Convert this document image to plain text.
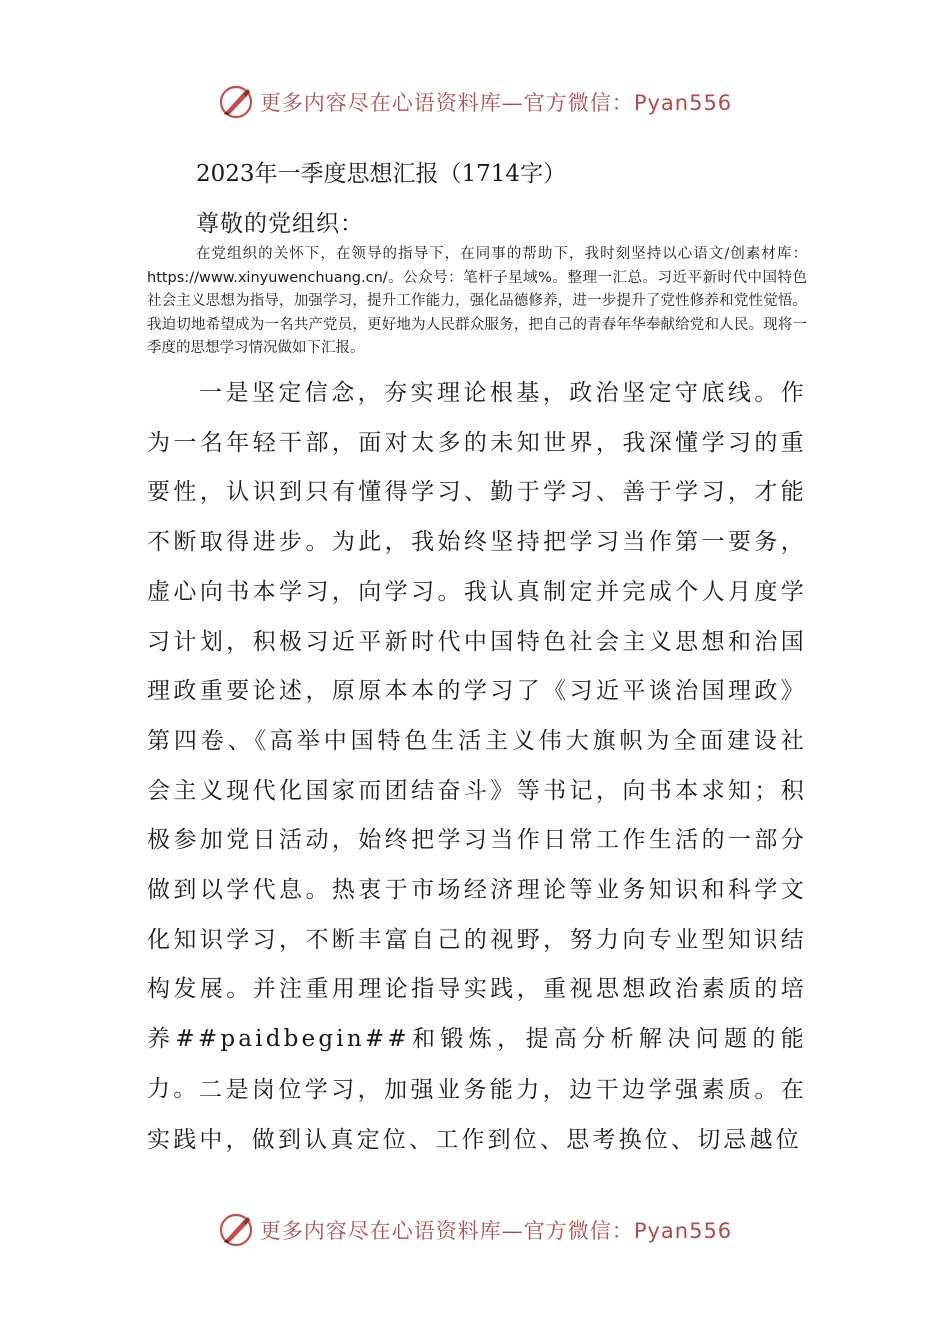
更多内容尽在心语资料库—官方微信：Pyan556
2023年一季度思想汇报（1714字）
尊敬的党组织：

在党组织的关怀下，在领导的指导下，在同事的帮助下，我时刻坚持以心语文/创素材库：https://www.xinyuwenchuang.cn/。公众号：笔杆子星域%。整理一汇总。习近平新时代中国特色社会主义思想为指导，加强学习，提升工作能力，强化品德修养，进一步提升了党性修养和党性觉悟。我迫切地希望成为一名共产党员，更好地为人民群众服务，把自己的青春年华奉献给党和人民。现将一季度的思想学习情况做如下汇报。

一是坚定信念，夯实理论根基，政治坚定守底线。作为一名年轻干部，面对太多的未知世界，我深懂学习的重要性，认识到只有懂得学习、勤于学习、善于学习，才能不断取得进步。为此，我始终坚持把学习当作第一要务，虚心向书本学习，向学习。我认真制定并完成个人月度学习计划，积极习近平新时代中国特色社会主义思想和治国理政重要论述，原原本本的学习了《习近平谈治国理政》第四卷、《高举中国特色生活主义伟大旗帜为全面建设社会主义现代化国家而团结奋斗》等书记，向书本求知；积极参加党日活动，始终把学习当作日常工作生活的一部分做到以学代息。热衷于市场经济理论等业务知识和科学文化知识学习，不断丰富自己的视野，努力向专业型知识结构发展。并注重用理论指导实践，重视思想政治素质的培养##paidbegin##和锻炼，提高分析解决问题的能力。 二是岗位学习，加强业务能力，边干边学强素质。在实践中，做到认真定位、工作到位、思考换位、切忌越位

更多内容尽在心语资料库—官方微信：Pyan556
